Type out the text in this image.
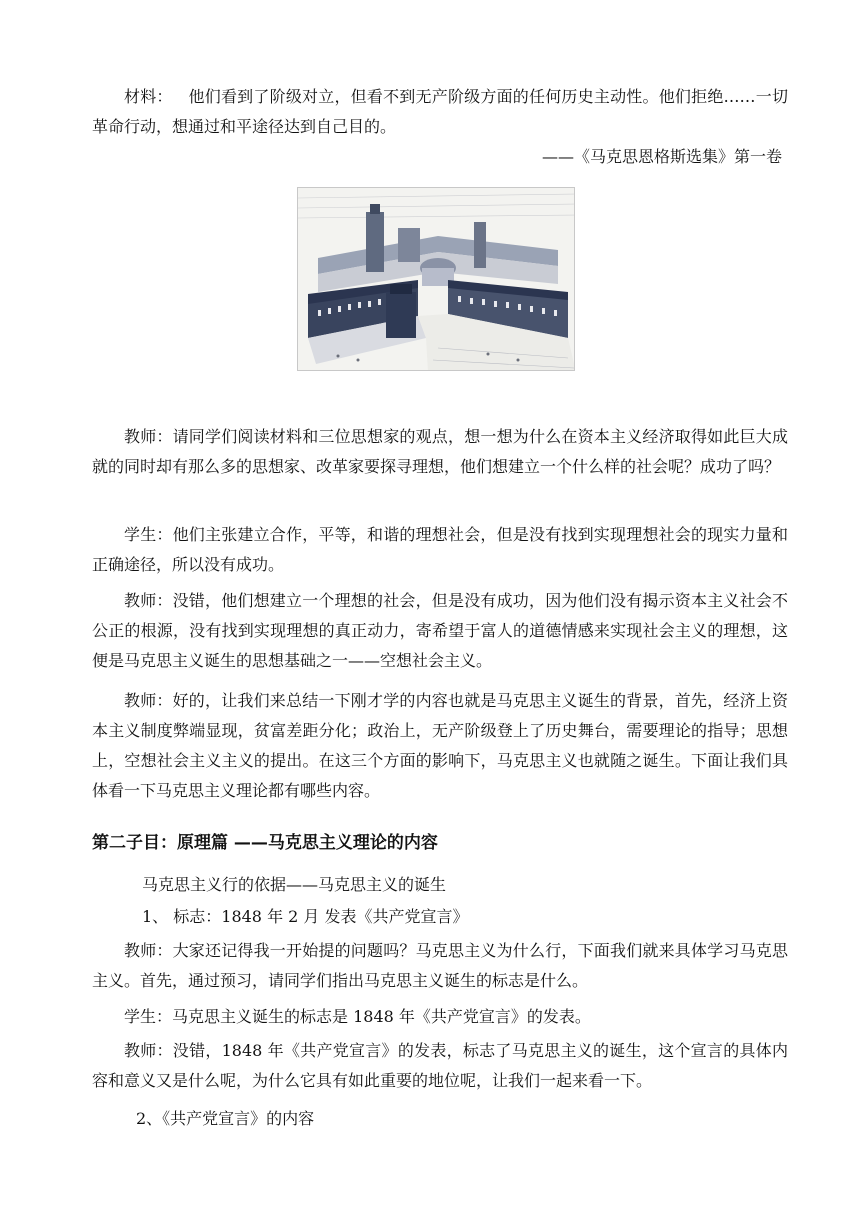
材料： 他们看到了阶级对立，但看不到无产阶级方面的任何历史主动性。他们拒绝……一切革命行动，想通过和平途径达到自己目的。

——《马克思恩格斯选集》第一卷

教师：请同学们阅读材料和三位思想家的观点，想一想为什么在资本主义经济取得如此巨大成就的同时却有那么多的思想家、改革家要探寻理想，他们想建立一个什么样的社会呢？成功了吗？

学生：他们主张建立合作，平等，和谐的理想社会，但是没有找到实现理想社会的现实力量和正确途径，所以没有成功。

教师：没错，他们想建立一个理想的社会，但是没有成功，因为他们没有揭示资本主义社会不公正的根源，没有找到实现理想的真正动力，寄希望于富人的道德情感来实现社会主义的理想，这便是马克思主义诞生的思想基础之一——空想社会主义。

教师：好的，让我们来总结一下刚才学的内容也就是马克思主义诞生的背景，首先，经济上资本主义制度弊端显现，贫富差距分化；政治上，无产阶级登上了历史舞台，需要理论的指导；思想上，空想社会主义主义的提出。在这三个方面的影响下，马克思主义也就随之诞生。下面让我们具体看一下马克思主义理论都有哪些内容。

第二子目：原理篇 ——马克思主义理论的内容

马克思主义行的依据——马克思主义的诞生

1、 标志：1848 年 2 月 发表《共产党宣言》

教师：大家还记得我一开始提的问题吗？马克思主义为什么行，下面我们就来具体学习马克思主义。首先，通过预习，请同学们指出马克思主义诞生的标志是什么。

学生：马克思主义诞生的标志是 1848 年《共产党宣言》的发表。

教师：没错，1848 年《共产党宣言》的发表，标志了马克思主义的诞生，这个宣言的具体内容和意义又是什么呢，为什么它具有如此重要的地位呢，让我们一起来看一下。

2、《共产党宣言》的内容
